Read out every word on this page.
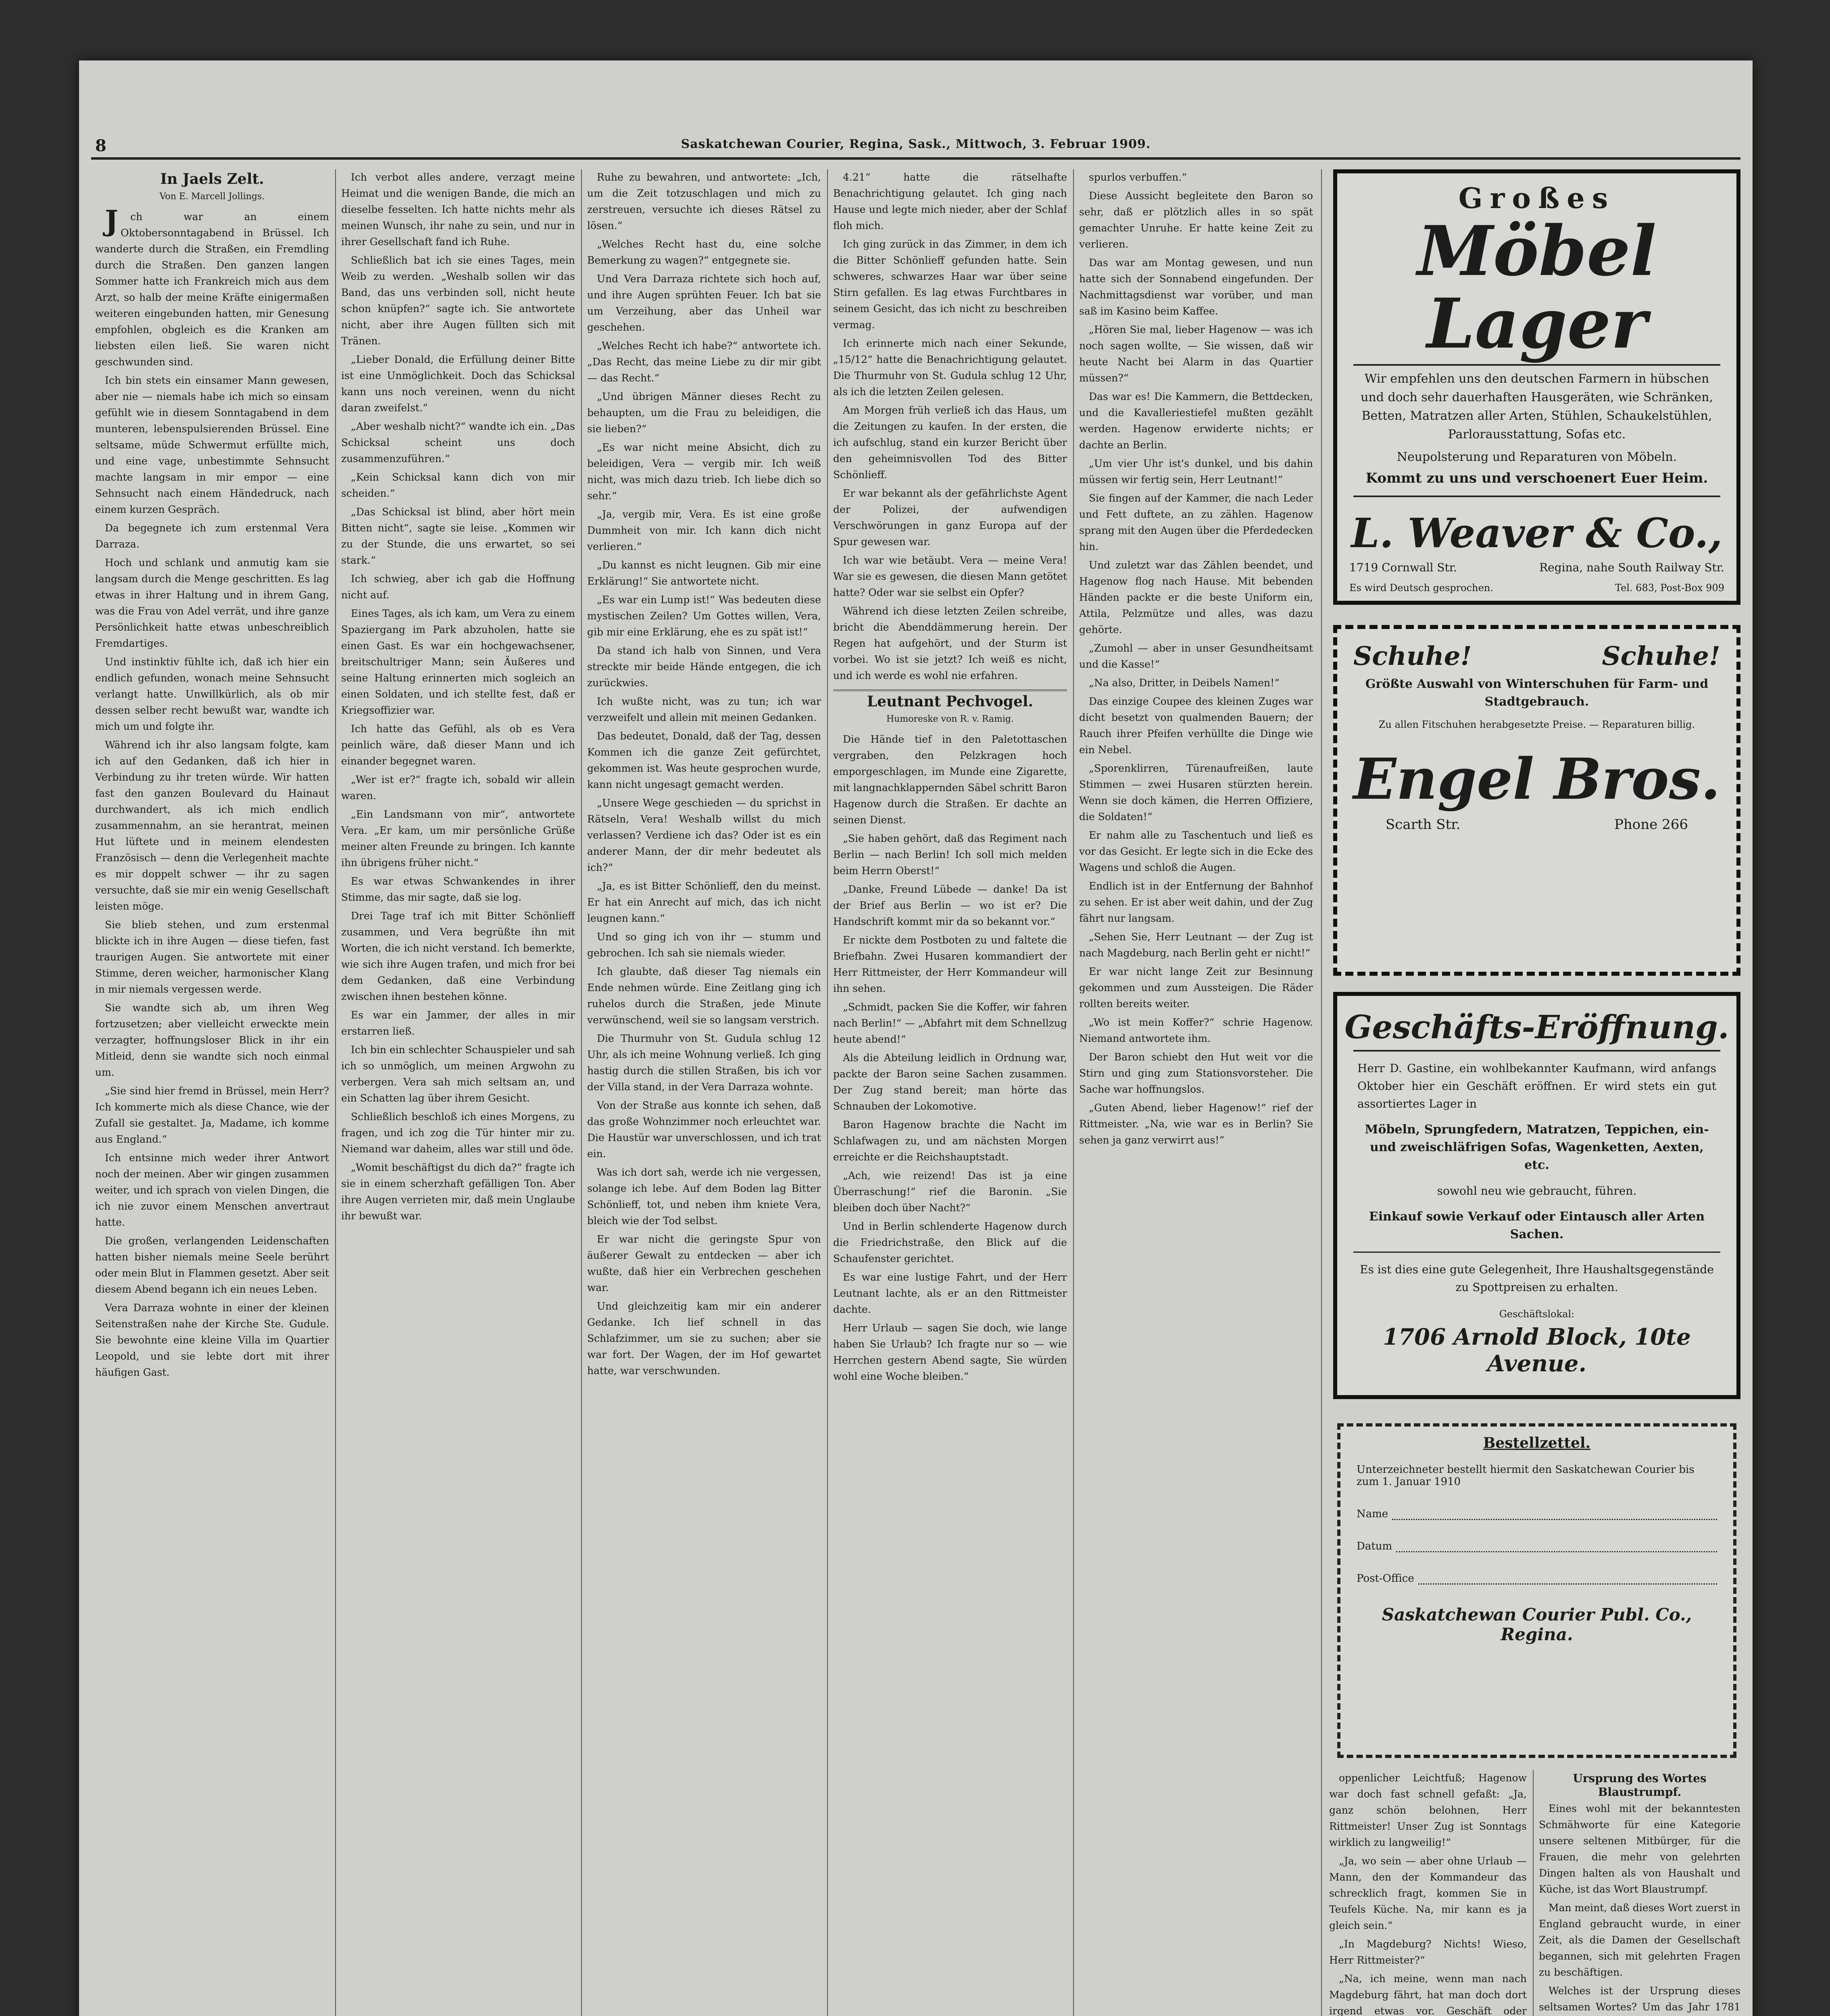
8	Saskatchewan Courier, Regina, Sask., Mittwoch, 3. Februar 1909.
In Jaels Zelt.
Von E. Marcell Jollings.

J ch war an einem Oktobersonntagabend in Brüssel. Ich wanderte durch die Straßen, ein Fremdling durch die Straßen. Den ganzen langen Sommer hatte ich Frankreich mich aus dem Arzt, so halb der meine Kräfte einigermaßen weiteren eingebunden hatten, mir Genesung empfohlen, obgleich es die Kranken am liebsten eilen ließ. Sie waren nicht geschwunden sind.

Ich bin stets ein einsamer Mann gewesen, aber nie — niemals habe ich mich so einsam gefühlt wie in diesem Sonntagabend in dem munteren, lebenspulsierenden Brüssel. Eine seltsame, müde Schwermut erfüllte mich, und eine vage, unbestimmte Sehnsucht machte langsam in mir empor — eine Sehnsucht nach einem Händedruck, nach einem kurzen Gespräch.

Da begegnete ich zum erstenmal Vera Darraza.

Hoch und schlank und anmutig kam sie langsam durch die Menge geschritten. Es lag etwas in ihrer Haltung und in ihrem Gang, was die Frau von Adel verrät, und ihre ganze Persönlichkeit hatte etwas unbeschreiblich Fremdartiges.

Und instinktiv fühlte ich, daß ich hier ein endlich gefunden, wonach meine Sehnsucht verlangt hatte. Unwillkürlich, als ob mir dessen selber recht bewußt war, wandte ich mich um und folgte ihr.

Während ich ihr also langsam folgte, kam ich auf den Gedanken, daß ich hier in Verbindung zu ihr treten würde. Wir hatten fast den ganzen Boulevard du Hainaut durchwandert, als ich mich endlich zusammennahm, an sie herantrat, meinen Hut lüftete und in meinem elendesten Französisch — denn die Verlegenheit machte es mir doppelt schwer — ihr zu sagen versuchte, daß sie mir ein wenig Gesellschaft leisten möge.

Sie blieb stehen, und zum erstenmal blickte ich in ihre Augen — diese tiefen, fast traurigen Augen. Sie antwortete mit einer Stimme, deren weicher, harmonischer Klang in mir niemals vergessen werde.

Sie wandte sich ab, um ihren Weg fortzusetzen; aber vielleicht erweckte mein verzagter, hoffnungsloser Blick in ihr ein Mitleid, denn sie wandte sich noch einmal um.

„Sie sind hier fremd in Brüssel, mein Herr? Ich kommerte mich als diese Chance, wie der Zufall sie gestaltet. Ja, Madame, ich komme aus England.“

Ich entsinne mich weder ihrer Antwort noch der meinen. Aber wir gingen zusammen weiter, und ich sprach von vielen Dingen, die ich nie zuvor einem Menschen anvertraut hatte.

Die großen, verlangenden Leidenschaften hatten bisher niemals meine Seele berührt oder mein Blut in Flammen gesetzt. Aber seit diesem Abend begann ich ein neues Leben.

Vera Darraza wohnte in einer der kleinen Seitenstraßen nahe der Kirche Ste. Gudule. Sie bewohnte eine kleine Villa im Quartier Leopold, und sie lebte dort mit ihrer häufigen Gast.

Ich verbot alles andere, verzagt meine Heimat und die wenigen Bande, die mich an dieselbe fesselten. Ich hatte nichts mehr als meinen Wunsch, ihr nahe zu sein, und nur in ihrer Gesellschaft fand ich Ruhe.

Schließlich bat ich sie eines Tages, mein Weib zu werden. „Weshalb sollen wir das Band, das uns verbinden soll, nicht heute schon knüpfen?“ sagte ich. Sie antwortete nicht, aber ihre Augen füllten sich mit Tränen.

„Lieber Donald, die Erfüllung deiner Bitte ist eine Unmöglichkeit. Doch das Schicksal kann uns noch vereinen, wenn du nicht daran zweifelst.“

„Aber weshalb nicht?“ wandte ich ein. „Das Schicksal scheint uns doch zusammenzuführen.“

„Kein Schicksal kann dich von mir scheiden.“

„Das Schicksal ist blind, aber hört mein Bitten nicht“, sagte sie leise. „Kommen wir zu der Stunde, die uns erwartet, so sei stark.“

Ich schwieg, aber ich gab die Hoffnung nicht auf.

Eines Tages, als ich kam, um Vera zu einem Spaziergang im Park abzuholen, hatte sie einen Gast. Es war ein hochgewachsener, breitschultriger Mann; sein Äußeres und seine Haltung erinnerten mich sogleich an einen Soldaten, und ich stellte fest, daß er Kriegsoffizier war.

Ich hatte das Gefühl, als ob es Vera peinlich wäre, daß dieser Mann und ich einander begegnet waren.

„Wer ist er?“ fragte ich, sobald wir allein waren.

„Ein Landsmann von mir“, antwortete Vera. „Er kam, um mir persönliche Grüße meiner alten Freunde zu bringen. Ich kannte ihn übrigens früher nicht.“

Es war etwas Schwankendes in ihrer Stimme, das mir sagte, daß sie log.

Drei Tage traf ich mit Bitter Schönlieff zusammen, und Vera begrüßte ihn mit Worten, die ich nicht verstand. Ich bemerkte, wie sich ihre Augen trafen, und mich fror bei dem Gedanken, daß eine Verbindung zwischen ihnen bestehen könne.

Es war ein Jammer, der alles in mir erstarren ließ.

Ich bin ein schlechter Schauspieler und sah ich so unmöglich, um meinen Argwohn zu verbergen. Vera sah mich seltsam an, und ein Schatten lag über ihrem Gesicht.

Schließlich beschloß ich eines Morgens, zu fragen, und ich zog die Tür hinter mir zu. Niemand war daheim, alles war still und öde.

„Womit beschäftigst du dich da?“ fragte ich sie in einem scherzhaft gefälligen Ton. Aber ihre Augen verrieten mir, daß mein Unglaube ihr bewußt war.

Ruhe zu bewahren, und antwortete: „Ich, um die Zeit totzuschlagen und mich zu zerstreuen, versuchte ich dieses Rätsel zu lösen.“

„Welches Recht hast du, eine solche Bemerkung zu wagen?“ entgegnete sie.

Und Vera Darraza richtete sich hoch auf, und ihre Augen sprühten Feuer. Ich bat sie um Verzeihung, aber das Unheil war geschehen.

„Welches Recht ich habe?“ antwortete ich. „Das Recht, das meine Liebe zu dir mir gibt — das Recht.“

„Und übrigen Männer dieses Recht zu behaupten, um die Frau zu beleidigen, die sie lieben?“

„Es war nicht meine Absicht, dich zu beleidigen, Vera — vergib mir. Ich weiß nicht, was mich dazu trieb. Ich liebe dich so sehr.“

„Ja, vergib mir, Vera. Es ist eine große Dummheit von mir. Ich kann dich nicht verlieren.“

„Du kannst es nicht leugnen. Gib mir eine Erklärung!“ Sie antwortete nicht.

„Es war ein Lump ist!“ Was bedeuten diese mystischen Zeilen? Um Gottes willen, Vera, gib mir eine Erklärung, ehe es zu spät ist!“

Da stand ich halb von Sinnen, und Vera streckte mir beide Hände entgegen, die ich zurückwies.

Ich wußte nicht, was zu tun; ich war verzweifelt und allein mit meinen Gedanken.

Das bedeutet, Donald, daß der Tag, dessen Kommen ich die ganze Zeit gefürchtet, gekommen ist. Was heute gesprochen wurde, kann nicht ungesagt gemacht werden.

„Unsere Wege geschieden — du sprichst in Rätseln, Vera! Weshalb willst du mich verlassen? Verdiene ich das? Oder ist es ein anderer Mann, der dir mehr bedeutet als ich?“

„Ja, es ist Bitter Schönlieff, den du meinst. Er hat ein Anrecht auf mich, das ich nicht leugnen kann.“

Und so ging ich von ihr — stumm und gebrochen. Ich sah sie niemals wieder.

Ich glaubte, daß dieser Tag niemals ein Ende nehmen würde. Eine Zeitlang ging ich ruhelos durch die Straßen, jede Minute verwünschend, weil sie so langsam verstrich.

Die Thurmuhr von St. Gudula schlug 12 Uhr, als ich meine Wohnung verließ. Ich ging hastig durch die stillen Straßen, bis ich vor der Villa stand, in der Vera Darraza wohnte.

Von der Straße aus konnte ich sehen, daß das große Wohnzimmer noch erleuchtet war. Die Haustür war unverschlossen, und ich trat ein.

Was ich dort sah, werde ich nie vergessen, solange ich lebe. Auf dem Boden lag Bitter Schönlieff, tot, und neben ihm kniete Vera, bleich wie der Tod selbst.

Er war nicht die geringste Spur von äußerer Gewalt zu entdecken — aber ich wußte, daß hier ein Verbrechen geschehen war.

Und gleichzeitig kam mir ein anderer Gedanke. Ich lief schnell in das Schlafzimmer, um sie zu suchen; aber sie war fort. Der Wagen, der im Hof gewartet hatte, war verschwunden.

4.21“ hatte die rätselhafte Benachrichtigung gelautet. Ich ging nach Hause und legte mich nieder, aber der Schlaf floh mich.

Ich ging zurück in das Zimmer, in dem ich die Bitter Schönlieff gefunden hatte. Sein schweres, schwarzes Haar war über seine Stirn gefallen. Es lag etwas Furchtbares in seinem Gesicht, das ich nicht zu beschreiben vermag.

Ich erinnerte mich nach einer Sekunde, „15/12“ hatte die Benachrichtigung gelautet. Die Thurmuhr von St. Gudula schlug 12 Uhr, als ich die letzten Zeilen gelesen.

Am Morgen früh verließ ich das Haus, um die Zeitungen zu kaufen. In der ersten, die ich aufschlug, stand ein kurzer Bericht über den geheimnisvollen Tod des Bitter Schönlieff.

Er war bekannt als der gefährlichste Agent der Polizei, der aufwendigen Verschwörungen in ganz Europa auf der Spur gewesen war.

Ich war wie betäubt. Vera — meine Vera! War sie es gewesen, die diesen Mann getötet hatte? Oder war sie selbst ein Opfer?

Während ich diese letzten Zeilen schreibe, bricht die Abenddämmerung herein. Der Regen hat aufgehört, und der Sturm ist vorbei. Wo ist sie jetzt? Ich weiß es nicht, und ich werde es wohl nie erfahren.

Leutnant Pechvogel.
Humoreske von R. v. Ramig.

Die Hände tief in den Paletottaschen vergraben, den Pelzkragen hoch emporgeschlagen, im Munde eine Zigarette, mit langnachklappernden Säbel schritt Baron Hagenow durch die Straßen. Er dachte an seinen Dienst.

„Sie haben gehört, daß das Regiment nach Berlin — nach Berlin! Ich soll mich melden beim Herrn Oberst!“

„Danke, Freund Lübede — danke! Da ist der Brief aus Berlin — wo ist er? Die Handschrift kommt mir da so bekannt vor.“

Er nickte dem Postboten zu und faltete die Briefbahn. Zwei Husaren kommandiert der Herr Rittmeister, der Herr Kommandeur will ihn sehen.

„Schmidt, packen Sie die Koffer, wir fahren nach Berlin!“ — „Abfahrt mit dem Schnellzug heute abend!“

Als die Abteilung leidlich in Ordnung war, packte der Baron seine Sachen zusammen. Der Zug stand bereit; man hörte das Schnauben der Lokomotive.

Baron Hagenow brachte die Nacht im Schlafwagen zu, und am nächsten Morgen erreichte er die Reichshauptstadt.

„Ach, wie reizend! Das ist ja eine Überraschung!“ rief die Baronin. „Sie bleiben doch über Nacht?“

Und in Berlin schlenderte Hagenow durch die Friedrichstraße, den Blick auf die Schaufenster gerichtet.

Es war eine lustige Fahrt, und der Herr Leutnant lachte, als er an den Rittmeister dachte.

Herr Urlaub — sagen Sie doch, wie lange haben Sie Urlaub? Ich fragte nur so — wie Herrchen gestern Abend sagte, Sie würden wohl eine Woche bleiben.“

spurlos verbuffen.“

Diese Aussicht begleitete den Baron so sehr, daß er plötzlich alles in so spät gemachter Unruhe. Er hatte keine Zeit zu verlieren.

Das war am Montag gewesen, und nun hatte sich der Sonnabend eingefunden. Der Nachmittagsdienst war vorüber, und man saß im Kasino beim Kaffee.

„Hören Sie mal, lieber Hagenow — was ich noch sagen wollte, — Sie wissen, daß wir heute Nacht bei Alarm in das Quartier müssen?“

Das war es! Die Kammern, die Bettdecken, und die Kavalleriestiefel mußten gezählt werden. Hagenow erwiderte nichts; er dachte an Berlin.

„Um vier Uhr ist's dunkel, und bis dahin müssen wir fertig sein, Herr Leutnant!“

Sie fingen auf der Kammer, die nach Leder und Fett duftete, an zu zählen. Hagenow sprang mit den Augen über die Pferdedecken hin.

Und zuletzt war das Zählen beendet, und Hagenow flog nach Hause. Mit bebenden Händen packte er die beste Uniform ein, Attila, Pelzmütze und alles, was dazu gehörte.

„Zumohl — aber in unser Gesundheitsamt und die Kasse!“

„Na also, Dritter, in Deibels Namen!“

Das einzige Coupee des kleinen Zuges war dicht besetzt von qualmenden Bauern; der Rauch ihrer Pfeifen verhüllte die Dinge wie ein Nebel.

„Sporenklirren, Türenaufreißen, laute Stimmen — zwei Husaren stürzten herein. Wenn sie doch kämen, die Herren Offiziere, die Soldaten!“

Er nahm alle zu Taschentuch und ließ es vor das Gesicht. Er legte sich in die Ecke des Wagens und schloß die Augen.

Endlich ist in der Entfernung der Bahnhof zu sehen. Er ist aber weit dahin, und der Zug fährt nur langsam.

„Sehen Sie, Herr Leutnant — der Zug ist nach Magdeburg, nach Berlin geht er nicht!“

Er war nicht lange Zeit zur Besinnung gekommen und zum Aussteigen. Die Räder rollten bereits weiter.

„Wo ist mein Koffer?“ schrie Hagenow. Niemand antwortete ihm.

Der Baron schiebt den Hut weit vor die Stirn und ging zum Stationsvorsteher. Die Sache war hoffnungslos.

„Guten Abend, lieber Hagenow!“ rief der Rittmeister. „Na, wie war es in Berlin? Sie sehen ja ganz verwirrt aus!“

Großes
Möbel Lager
Wir empfehlen uns den deutschen Farmern in hübschen und doch sehr dauerhaften Hausgeräten, wie Schränken, Betten, Matratzen aller Arten, Stühlen, Schaukelstühlen, Parlorausstattung, Sofas etc.
Neupolsterung und Reparaturen von Möbeln.
Kommt zu uns und verschoenert Euer Heim.
L. Weaver & Co.,
1719 Cornwall Str.	Regina, nahe South Railway Str.
Es wird Deutsch gesprochen.	Tel. 683, Post-Box 909
Schuhe!	Schuhe!
Größte Auswahl von Winterschuhen für Farm- und Stadtgebrauch.
Zu allen Fitschuhen herabgesetzte Preise. — Reparaturen billig.
Engel Bros.
Scarth Str.	Phone 266
Geschäfts-Eröffnung.
Herr D. Gastine, ein wohlbekannter Kaufmann, wird anfangs Oktober hier ein Geschäft eröffnen. Er wird stets ein gut assortiertes Lager in
Möbeln, Sprungfedern, Matratzen, Teppichen, ein- und zweischläfrigen Sofas, Wagenketten, Aexten, etc.
sowohl neu wie gebraucht, führen.
Einkauf sowie Verkauf oder Eintausch aller Arten Sachen.
Es ist dies eine gute Gelegenheit, Ihre Haushaltsgegenstände zu Spottpreisen zu erhalten.
Geschäftslokal:
1706 Arnold Block, 10te Avenue.
Bestellzettel.
Unterzeichneter bestellt hiermit den Saskatchewan Courier bis zum 1. Januar 1910
Name
Datum
Post-Office
Saskatchewan Courier Publ. Co., Regina.

oppenlicher Leichtfuß; Hagenow war doch fast schnell gefaßt: „Ja, ganz schön belohnen, Herr Rittmeister! Unser Zug ist Sonntags wirklich zu langweilig!“

„Ja, wo sein — aber ohne Urlaub — Mann, den der Kommandeur das schrecklich fragt, kommen Sie in Teufels Küche. Na, mir kann es ja gleich sein.“

„In Magdeburg? Nichts! Wieso, Herr Rittmeister?“

„Na, ich meine, wenn man nach Magdeburg fährt, hat man doch dort irgend etwas vor. Geschäft oder

Ursprung des Wortes Blaustrumpf.

Eines wohl mit der bekanntesten Schmähworte für eine Kategorie unsere seltenen Mitbürger, für die Frauen, die mehr von gelehrten Dingen halten als von Haushalt und Küche, ist das Wort Blaustrumpf.

Man meint, daß dieses Wort zuerst in England gebraucht wurde, in einer Zeit, als die Damen der Gesellschaft begannen, sich mit gelehrten Fragen zu beschäftigen.

Welches ist der Ursprung dieses seltsamen Wortes? Um das Jahr 1781
